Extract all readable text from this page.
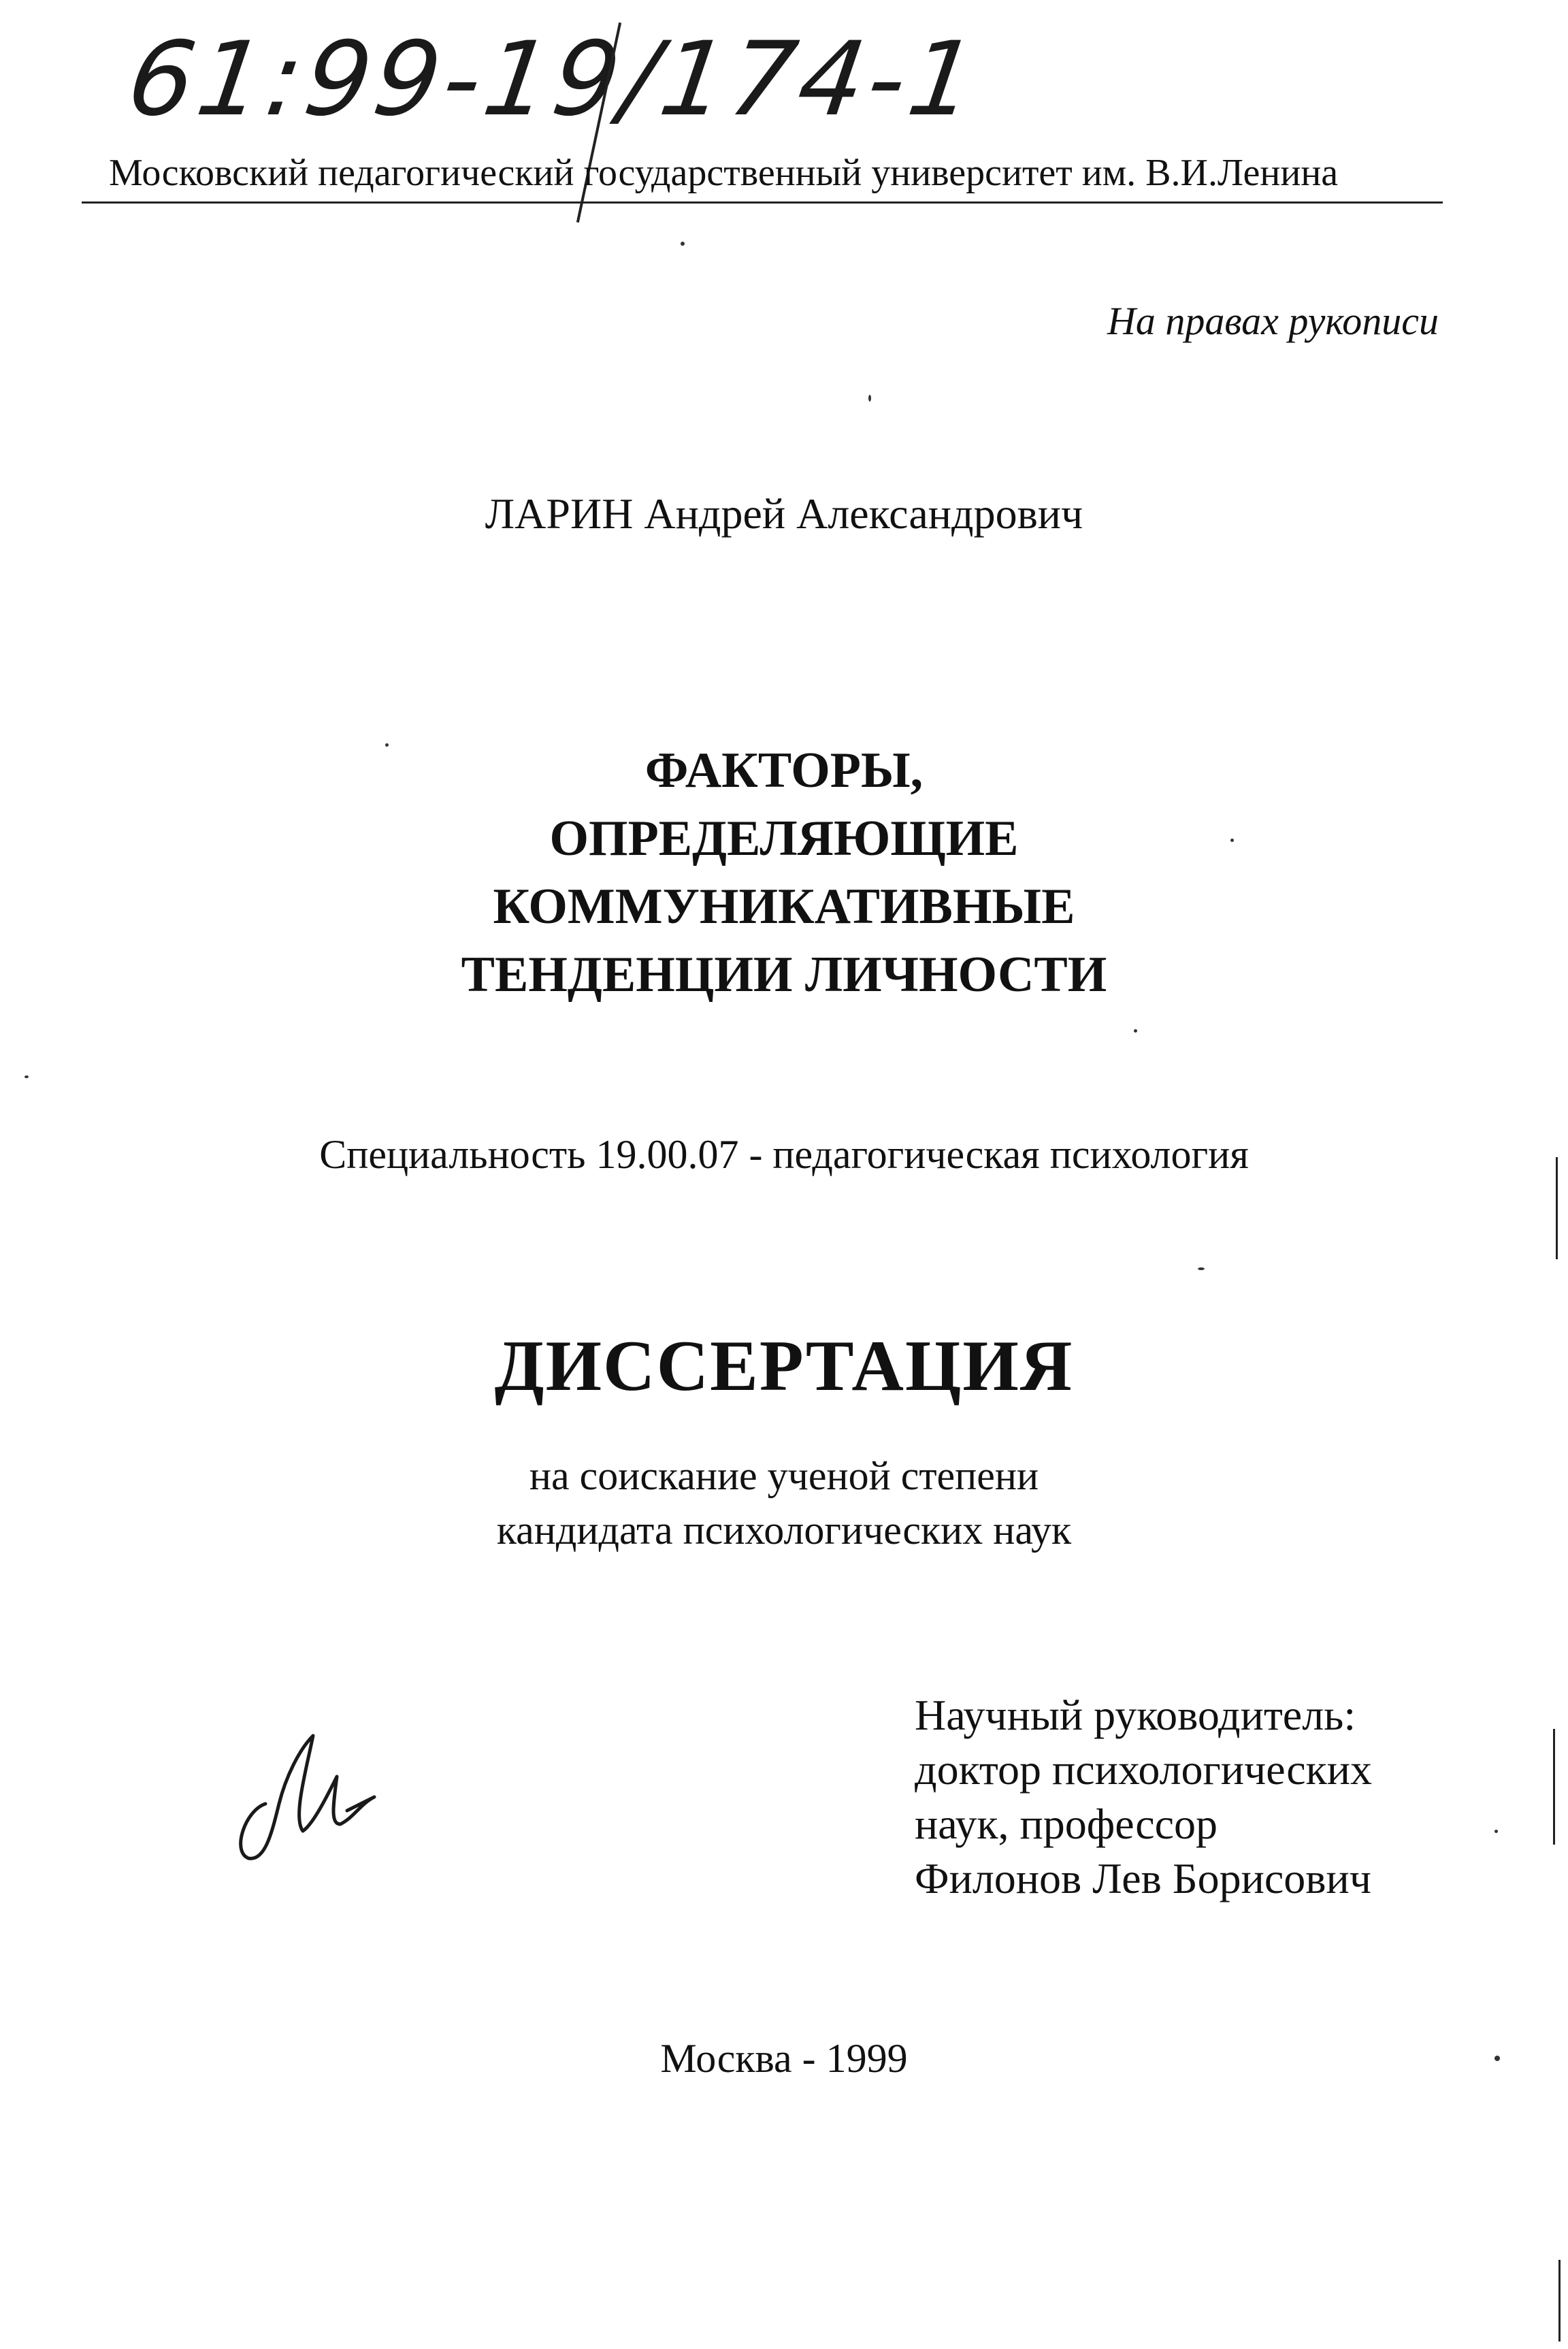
61:99-19/174-1
Московский педагогический государственный университет им. В.И.Ленина
На правах рукописи
ЛАРИН Андрей Александрович
ФАКТОРЫ,
ОПРЕДЕЛЯЮЩИЕ
КОММУНИКАТИВНЫЕ
ТЕНДЕНЦИИ ЛИЧНОСТИ
Специальность 19.00.07 - педагогическая психология
ДИССЕРТАЦИЯ
на соискание ученой степени
кандидата психологических наук
Научный руководитель:
доктор психологических
наук, профессор
Филонов Лев Борисович
Москва - 1999
